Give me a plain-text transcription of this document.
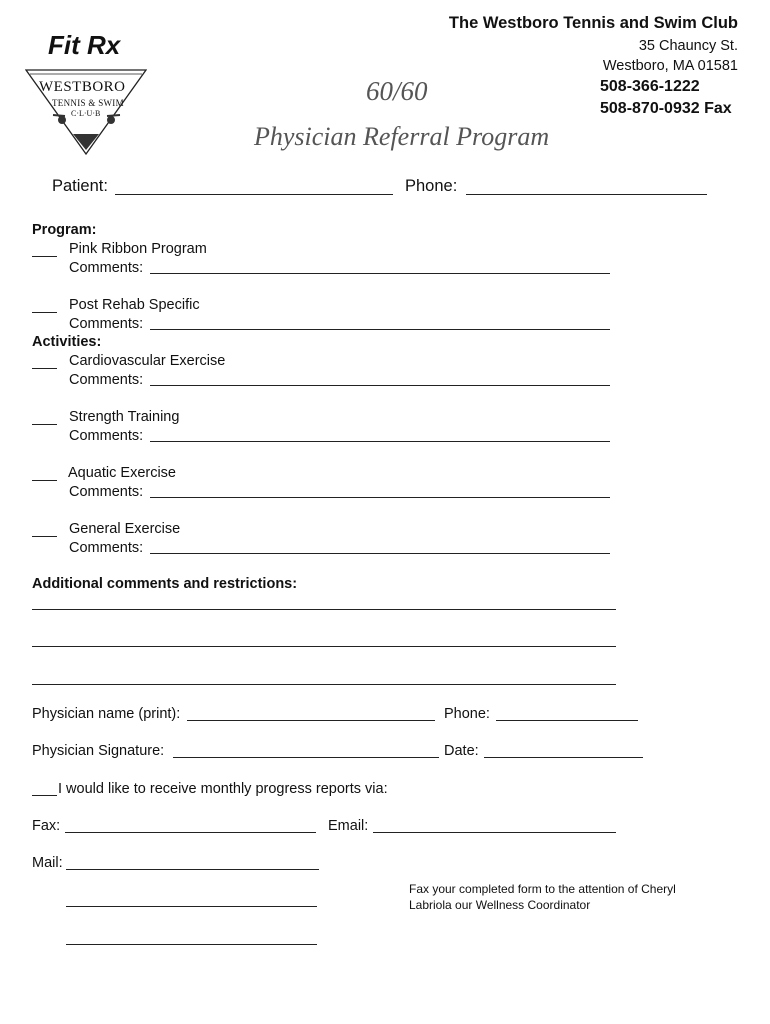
Fit Rx
The Westboro Tennis and Swim Club
35 Chauncy St.
Westboro, MA 01581
508-366-1222
508-870-0932 Fax
60/60
Physician Referral Program
WESTBORO
TENNIS & SWIM
C·L·U·B
Patient:	Phone:
Program:
Pink Ribbon Program
Comments:
Post Rehab Specific
Comments:
Activities:
Cardiovascular Exercise
Comments:
Strength Training
Comments:
Aquatic Exercise
Comments:
General Exercise
Comments:
Additional comments and restrictions:
Physician name (print):	Phone:
Physician Signature:	Date:
I would like to receive monthly progress reports via:
Fax:	Email:
Mail:
Fax your completed form to the attention of Cheryl
Labriola our Wellness Coordinator
